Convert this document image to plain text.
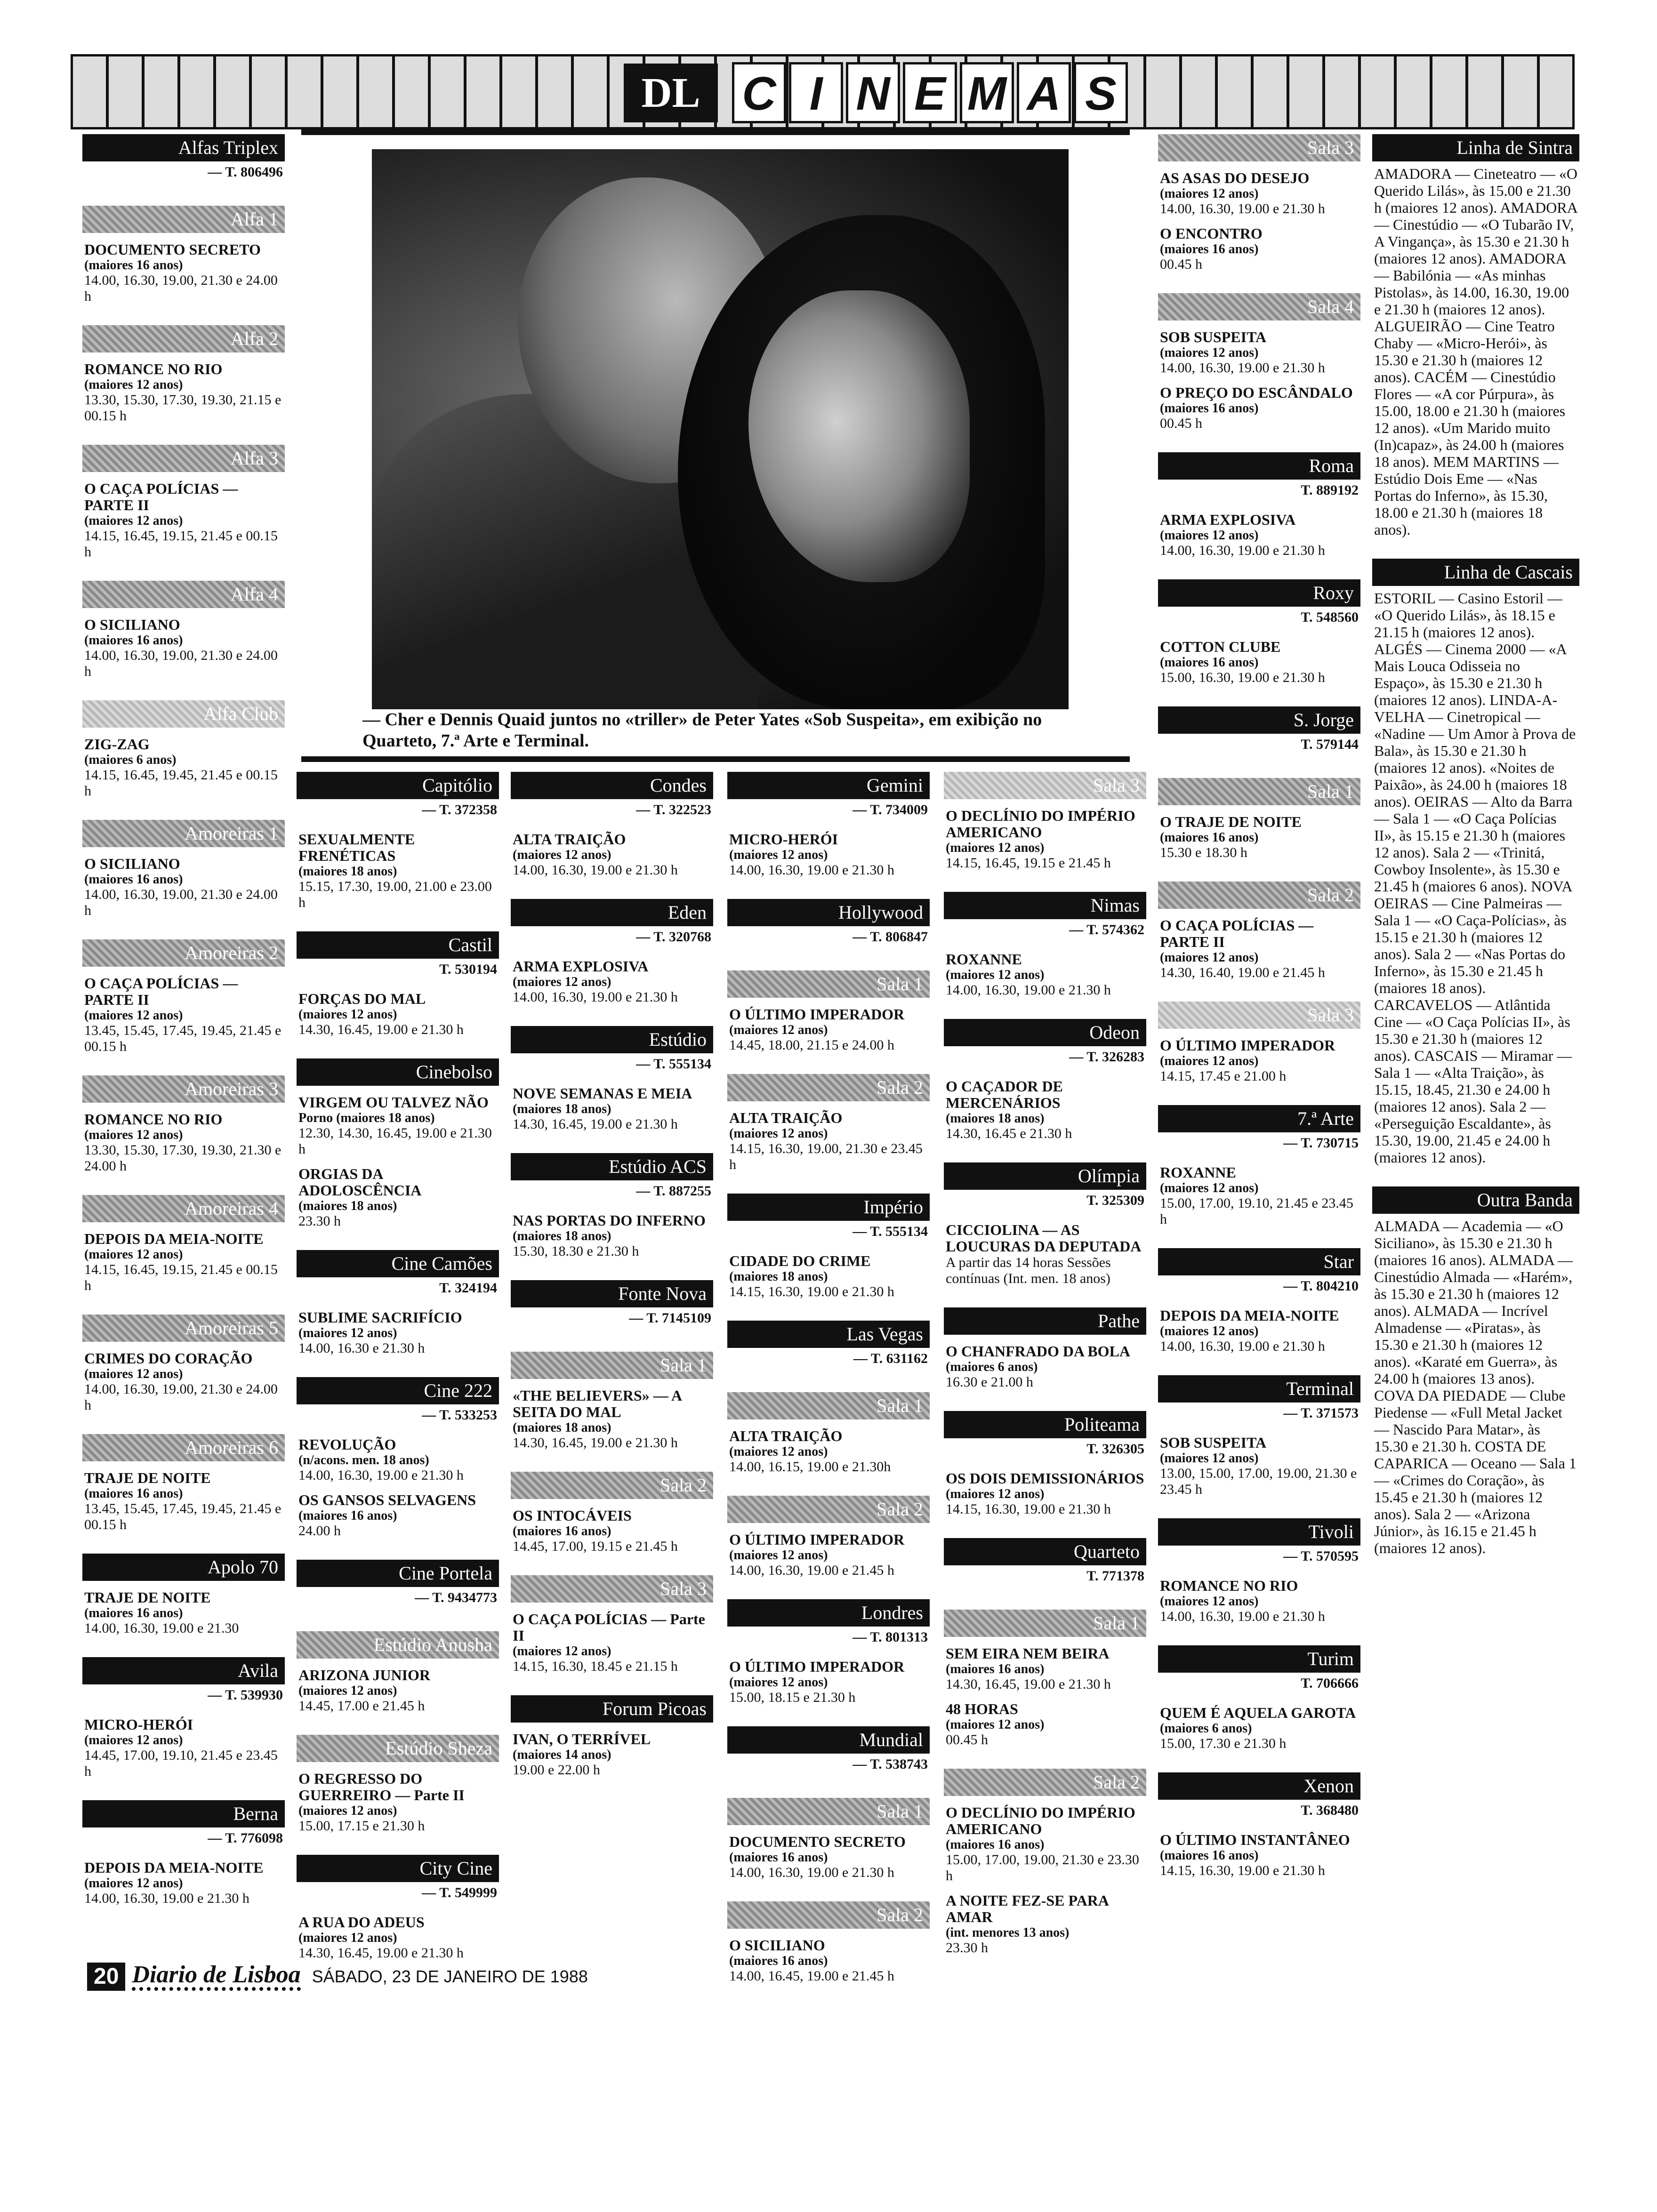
DL C I N E M A S
— Cher e Dennis Quaid juntos no «triller» de Peter Yates «Sob Suspeita», em exibição no Quarteto, 7.ª Arte e Terminal.
Alfas Triplex
— T. 806496
Alfa 1
DOCUMENTO SECRETO
(maiores 16 anos)
14.00, 16.30, 19.00, 21.30 e 24.00 h
Alfa 2
ROMANCE NO RIO
(maiores 12 anos)
13.30, 15.30, 17.30, 19.30, 21.15 e 00.15 h
Alfa 3
O CAÇA POLÍCIAS — PARTE II
(maiores 12 anos)
14.15, 16.45, 19.15, 21.45 e 00.15 h
Alfa 4
O SICILIANO
(maiores 16 anos)
14.00, 16.30, 19.00, 21.30 e 24.00 h
Alfa Club
ZIG-ZAG
(maiores 6 anos)
14.15, 16.45, 19.45, 21.45 e 00.15 h
Amoreiras 1
O SICILIANO
(maiores 16 anos)
14.00, 16.30, 19.00, 21.30 e 24.00 h
Amoreiras 2
O CAÇA POLÍCIAS — PARTE II
(maiores 12 anos)
13.45, 15.45, 17.45, 19.45, 21.45 e 00.15 h
Amoreiras 3
ROMANCE NO RIO
(maiores 12 anos)
13.30, 15.30, 17.30, 19.30, 21.30 e 24.00 h
Amoreiras 4
DEPOIS DA MEIA-NOITE
(maiores 12 anos)
14.15, 16.45, 19.15, 21.45 e 00.15 h
Amoreiras 5
CRIMES DO CORAÇÃO
(maiores 12 anos)
14.00, 16.30, 19.00, 21.30 e 24.00 h
Amoreiras 6
TRAJE DE NOITE
(maiores 16 anos)
13.45, 15.45, 17.45, 19.45, 21.45 e 00.15 h
Apolo 70
TRAJE DE NOITE
(maiores 16 anos)
14.00, 16.30, 19.00 e 21.30
Avila
— T. 539930
MICRO-HERÓI
(maiores 12 anos)
14.45, 17.00, 19.10, 21.45 e 23.45 h
Berna
— T. 776098
DEPOIS DA MEIA-NOITE
(maiores 12 anos)
14.00, 16.30, 19.00 e 21.30 h
Capitólio
— T. 372358
SEXUALMENTE FRENÉTICAS
(maiores 18 anos)
15.15, 17.30, 19.00, 21.00 e 23.00 h
Castil
T. 530194
FORÇAS DO MAL
(maiores 12 anos)
14.30, 16.45, 19.00 e 21.30 h
Cinebolso
VIRGEM OU TALVEZ NÃO
Porno (maiores 18 anos)
12.30, 14.30, 16.45, 19.00 e 21.30 h
ORGIAS DA ADOLOSCÊNCIA
(maiores 18 anos)
23.30 h
Cine Camões
T. 324194
SUBLIME SACRIFÍCIO
(maiores 12 anos)
14.00, 16.30 e 21.30 h
Cine 222
— T. 533253
REVOLUÇÃO
(n/acons. men. 18 anos)
14.00, 16.30, 19.00 e 21.30 h
OS GANSOS SELVAGENS
(maiores 16 anos)
24.00 h
Cine Portela
— T. 9434773
Estúdio Anusha
ARIZONA JUNIOR
(maiores 12 anos)
14.45, 17.00 e 21.45 h
Estúdio Sheza
O REGRESSO DO GUERREIRO — Parte II
(maiores 12 anos)
15.00, 17.15 e 21.30 h
City Cine
— T. 549999
A RUA DO ADEUS
(maiores 12 anos)
14.30, 16.45, 19.00 e 21.30 h
Condes
— T. 322523
ALTA TRAIÇÃO
(maiores 12 anos)
14.00, 16.30, 19.00 e 21.30 h
Eden
— T. 320768
ARMA EXPLOSIVA
(maiores 12 anos)
14.00, 16.30, 19.00 e 21.30 h
Estúdio
— T. 555134
NOVE SEMANAS E MEIA
(maiores 18 anos)
14.30, 16.45, 19.00 e 21.30 h
Estúdio ACS
— T. 887255
NAS PORTAS DO INFERNO
(maiores 18 anos)
15.30, 18.30 e 21.30 h
Fonte Nova
— T. 7145109
Sala 1
«THE BELIEVERS» — A SEITA DO MAL
(maiores 18 anos)
14.30, 16.45, 19.00 e 21.30 h
Sala 2
OS INTOCÁVEIS
(maiores 16 anos)
14.45, 17.00, 19.15 e 21.45 h
Sala 3
O CAÇA POLÍCIAS — Parte II
(maiores 12 anos)
14.15, 16.30, 18.45 e 21.15 h
Forum Picoas
IVAN, O TERRÍVEL
(maiores 14 anos)
19.00 e 22.00 h
Gemini
— T. 734009
MICRO-HERÓI
(maiores 12 anos)
14.00, 16.30, 19.00 e 21.30 h
Hollywood
— T. 806847
Sala 1
O ÚLTIMO IMPERADOR
(maiores 12 anos)
14.45, 18.00, 21.15 e 24.00 h
Sala 2
ALTA TRAIÇÃO
(maiores 12 anos)
14.15, 16.30, 19.00, 21.30 e 23.45 h
Império
— T. 555134
CIDADE DO CRIME
(maiores 18 anos)
14.15, 16.30, 19.00 e 21.30 h
Las Vegas
— T. 631162
Sala 1
ALTA TRAIÇÃO
(maiores 12 anos)
14.00, 16.15, 19.00 e 21.30h
Sala 2
O ÚLTIMO IMPERADOR
(maiores 12 anos)
14.00, 16.30, 19.00 e 21.45 h
Londres
— T. 801313
O ÚLTIMO IMPERADOR
(maiores 12 anos)
15.00, 18.15 e 21.30 h
Mundial
— T. 538743
Sala 1
DOCUMENTO SECRETO
(maiores 16 anos)
14.00, 16.30, 19.00 e 21.30 h
Sala 2
O SICILIANO
(maiores 16 anos)
14.00, 16.45, 19.00 e 21.45 h
Sala 3
O DECLÍNIO DO IMPÉRIO AMERICANO
(maiores 12 anos)
14.15, 16.45, 19.15 e 21.45 h
Nimas
— T. 574362
ROXANNE
(maiores 12 anos)
14.00, 16.30, 19.00 e 21.30 h
Odeon
— T. 326283
O CAÇADOR DE MERCENÁRIOS
(maiores 18 anos)
14.30, 16.45 e 21.30 h
Olímpia
T. 325309
CICCIOLINA — AS LOUCURAS DA DEPUTADA
A partir das 14 horas Sessões contínuas (Int. men. 18 anos)
Pathe
O CHANFRADO DA BOLA
(maiores 6 anos)
16.30 e 21.00 h
Politeama
T. 326305
OS DOIS DEMISSIONÁRIOS
(maiores 12 anos)
14.15, 16.30, 19.00 e 21.30 h
Quarteto
T. 771378
Sala 1
SEM EIRA NEM BEIRA
(maiores 16 anos)
14.30, 16.45, 19.00 e 21.30 h
48 HORAS
(maiores 12 anos)
00.45 h
Sala 2
O DECLÍNIO DO IMPÉRIO AMERICANO
(maiores 16 anos)
15.00, 17.00, 19.00, 21.30 e 23.30 h
A NOITE FEZ-SE PARA AMAR
(int. menores 13 anos)
23.30 h
Sala 3
AS ASAS DO DESEJO
(maiores 12 anos)
14.00, 16.30, 19.00 e 21.30 h
O ENCONTRO
(maiores 16 anos)
00.45 h
Sala 4
SOB SUSPEITA
(maiores 12 anos)
14.00, 16.30, 19.00 e 21.30 h
O PREÇO DO ESCÂNDALO
(maiores 16 anos)
00.45 h
Roma
T. 889192
ARMA EXPLOSIVA
(maiores 12 anos)
14.00, 16.30, 19.00 e 21.30 h
Roxy
T. 548560
COTTON CLUBE
(maiores 16 anos)
15.00, 16.30, 19.00 e 21.30 h
S. Jorge
T. 579144
Sala 1
O TRAJE DE NOITE
(maiores 16 anos)
15.30 e 18.30 h
Sala 2
O CAÇA POLÍCIAS — PARTE II
(maiores 12 anos)
14.30, 16.40, 19.00 e 21.45 h
Sala 3
O ÚLTIMO IMPERADOR
(maiores 12 anos)
14.15, 17.45 e 21.00 h
7.ª Arte
— T. 730715
ROXANNE
(maiores 12 anos)
15.00, 17.00, 19.10, 21.45 e 23.45 h
Star
— T. 804210
DEPOIS DA MEIA-NOITE
(maiores 12 anos)
14.00, 16.30, 19.00 e 21.30 h
Terminal
— T. 371573
SOB SUSPEITA
(maiores 12 anos)
13.00, 15.00, 17.00, 19.00, 21.30 e 23.45 h
Tivoli
— T. 570595
ROMANCE NO RIO
(maiores 12 anos)
14.00, 16.30, 19.00 e 21.30 h
Turim
T. 706666
QUEM É AQUELA GAROTA
(maiores 6 anos)
15.00, 17.30 e 21.30 h
Xenon
T. 368480
O ÚLTIMO INSTANTÂNEO
(maiores 16 anos)
14.15, 16.30, 19.00 e 21.30 h
Linha de Sintra
AMADORA — Cineteatro — «O Querido Lilás», às 15.00 e 21.30 h (maiores 12 anos). AMADORA — Cinestúdio — «O Tubarão IV, A Vingança», às 15.30 e 21.30 h (maiores 12 anos). AMADORA — Babilónia — «As minhas Pistolas», às 14.00, 16.30, 19.00 e 21.30 h (maiores 12 anos). ALGUEIRÃO — Cine Teatro Chaby — «Micro-Herói», às 15.30 e 21.30 h (maiores 12 anos). CACÉM — Cinestúdio Flores — «A cor Púrpura», às 15.00, 18.00 e 21.30 h (maiores 12 anos). «Um Marido muito (In)capaz», às 24.00 h (maiores 18 anos). MEM MARTINS — Estúdio Dois Eme — «Nas Portas do Inferno», às 15.30, 18.00 e 21.30 h (maiores 18 anos).
Linha de Cascais
ESTORIL — Casino Estoril — «O Querido Lilás», às 18.15 e 21.15 h (maiores 12 anos). ALGÉS — Cinema 2000 — «A Mais Louca Odisseia no Espaço», às 15.30 e 21.30 h (maiores 12 anos). LINDA-A-VELHA — Cinetropical — «Nadine — Um Amor à Prova de Bala», às 15.30 e 21.30 h (maiores 12 anos). «Noites de Paixão», às 24.00 h (maiores 18 anos). OEIRAS — Alto da Barra — Sala 1 — «O Caça Polícias II», às 15.15 e 21.30 h (maiores 12 anos). Sala 2 — «Trinitá, Cowboy Insolente», às 15.30 e 21.45 h (maiores 6 anos). NOVA OEIRAS — Cine Palmeiras — Sala 1 — «O Caça-Polícias», às 15.15 e 21.30 h (maiores 12 anos). Sala 2 — «Nas Portas do Inferno», às 15.30 e 21.45 h (maiores 18 anos). CARCAVELOS — Atlântida Cine — «O Caça Polícias II», às 15.30 e 21.30 h (maiores 12 anos). CASCAIS — Miramar — Sala 1 — «Alta Traição», às 15.15, 18.45, 21.30 e 24.00 h (maiores 12 anos). Sala 2 — «Perseguição Escaldante», às 15.30, 19.00, 21.45 e 24.00 h (maiores 12 anos).
Outra Banda
ALMADA — Academia — «O Siciliano», às 15.30 e 21.30 h (maiores 16 anos). ALMADA — Cinestúdio Almada — «Harém», às 15.30 e 21.30 h (maiores 12 anos). ALMADA — Incrível Almadense — «Piratas», às 15.30 e 21.30 h (maiores 12 anos). «Karaté em Guerra», às 24.00 h (maiores 13 anos). COVA DA PIEDADE — Clube Piedense — «Full Metal Jacket — Nascido Para Matar», às 15.30 e 21.30 h. COSTA DE CAPARICA — Oceano — Sala 1 — «Crimes do Coração», às 15.45 e 21.30 h (maiores 12 anos). Sala 2 — «Arizona Júnior», às 16.15 e 21.45 h (maiores 12 anos).
20 Diario de Lisboa SÁBADO, 23 DE JANEIRO DE 1988
